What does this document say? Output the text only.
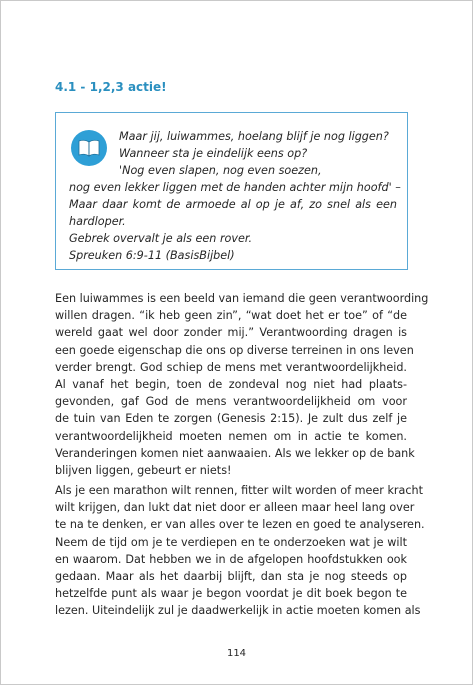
4.1 - 1,2,3 actie!
Maar jij, luiwammes, hoelang blijf je nog liggen?
Wanneer sta je eindelijk eens op?
'Nog even slapen, nog even soezen,
nog even lekker liggen met de handen achter mijn hoofd' –
Maar daar komt de armoede al op je af, zo snel als een
hardloper.
Gebrek overvalt je als een rover.
Spreuken 6:9-11 (BasisBijbel)

Een luiwammes is een beeld van iemand die geen verantwoording
willen dragen. “ik heb geen zin”, “wat doet het er toe” of “de
wereld gaat wel door zonder mij.” Verantwoording dragen is
een goede eigenschap die ons op diverse terreinen in ons leven
verder brengt. God schiep de mens met verantwoordelijkheid.
Al vanaf het begin, toen de zondeval nog niet had plaats-
gevonden, gaf God de mens verantwoordelijkheid om voor
de tuin van Eden te zorgen (Genesis 2:15). Je zult dus zelf je
verantwoordelijkheid moeten nemen om in actie te komen.
Veranderingen komen niet aanwaaien. Als we lekker op de bank
blijven liggen, gebeurt er niets!

Als je een marathon wilt rennen, fitter wilt worden of meer kracht
wilt krijgen, dan lukt dat niet door er alleen maar heel lang over
te na te denken, er van alles over te lezen en goed te analyseren.
Neem de tijd om je te verdiepen en te onderzoeken wat je wilt
en waarom. Dat hebben we in de afgelopen hoofdstukken ook
gedaan. Maar als het daarbij blijft, dan sta je nog steeds op
hetzelfde punt als waar je begon voordat je dit boek begon te
lezen. Uiteindelijk zul je daadwerkelijk in actie moeten komen als

114
